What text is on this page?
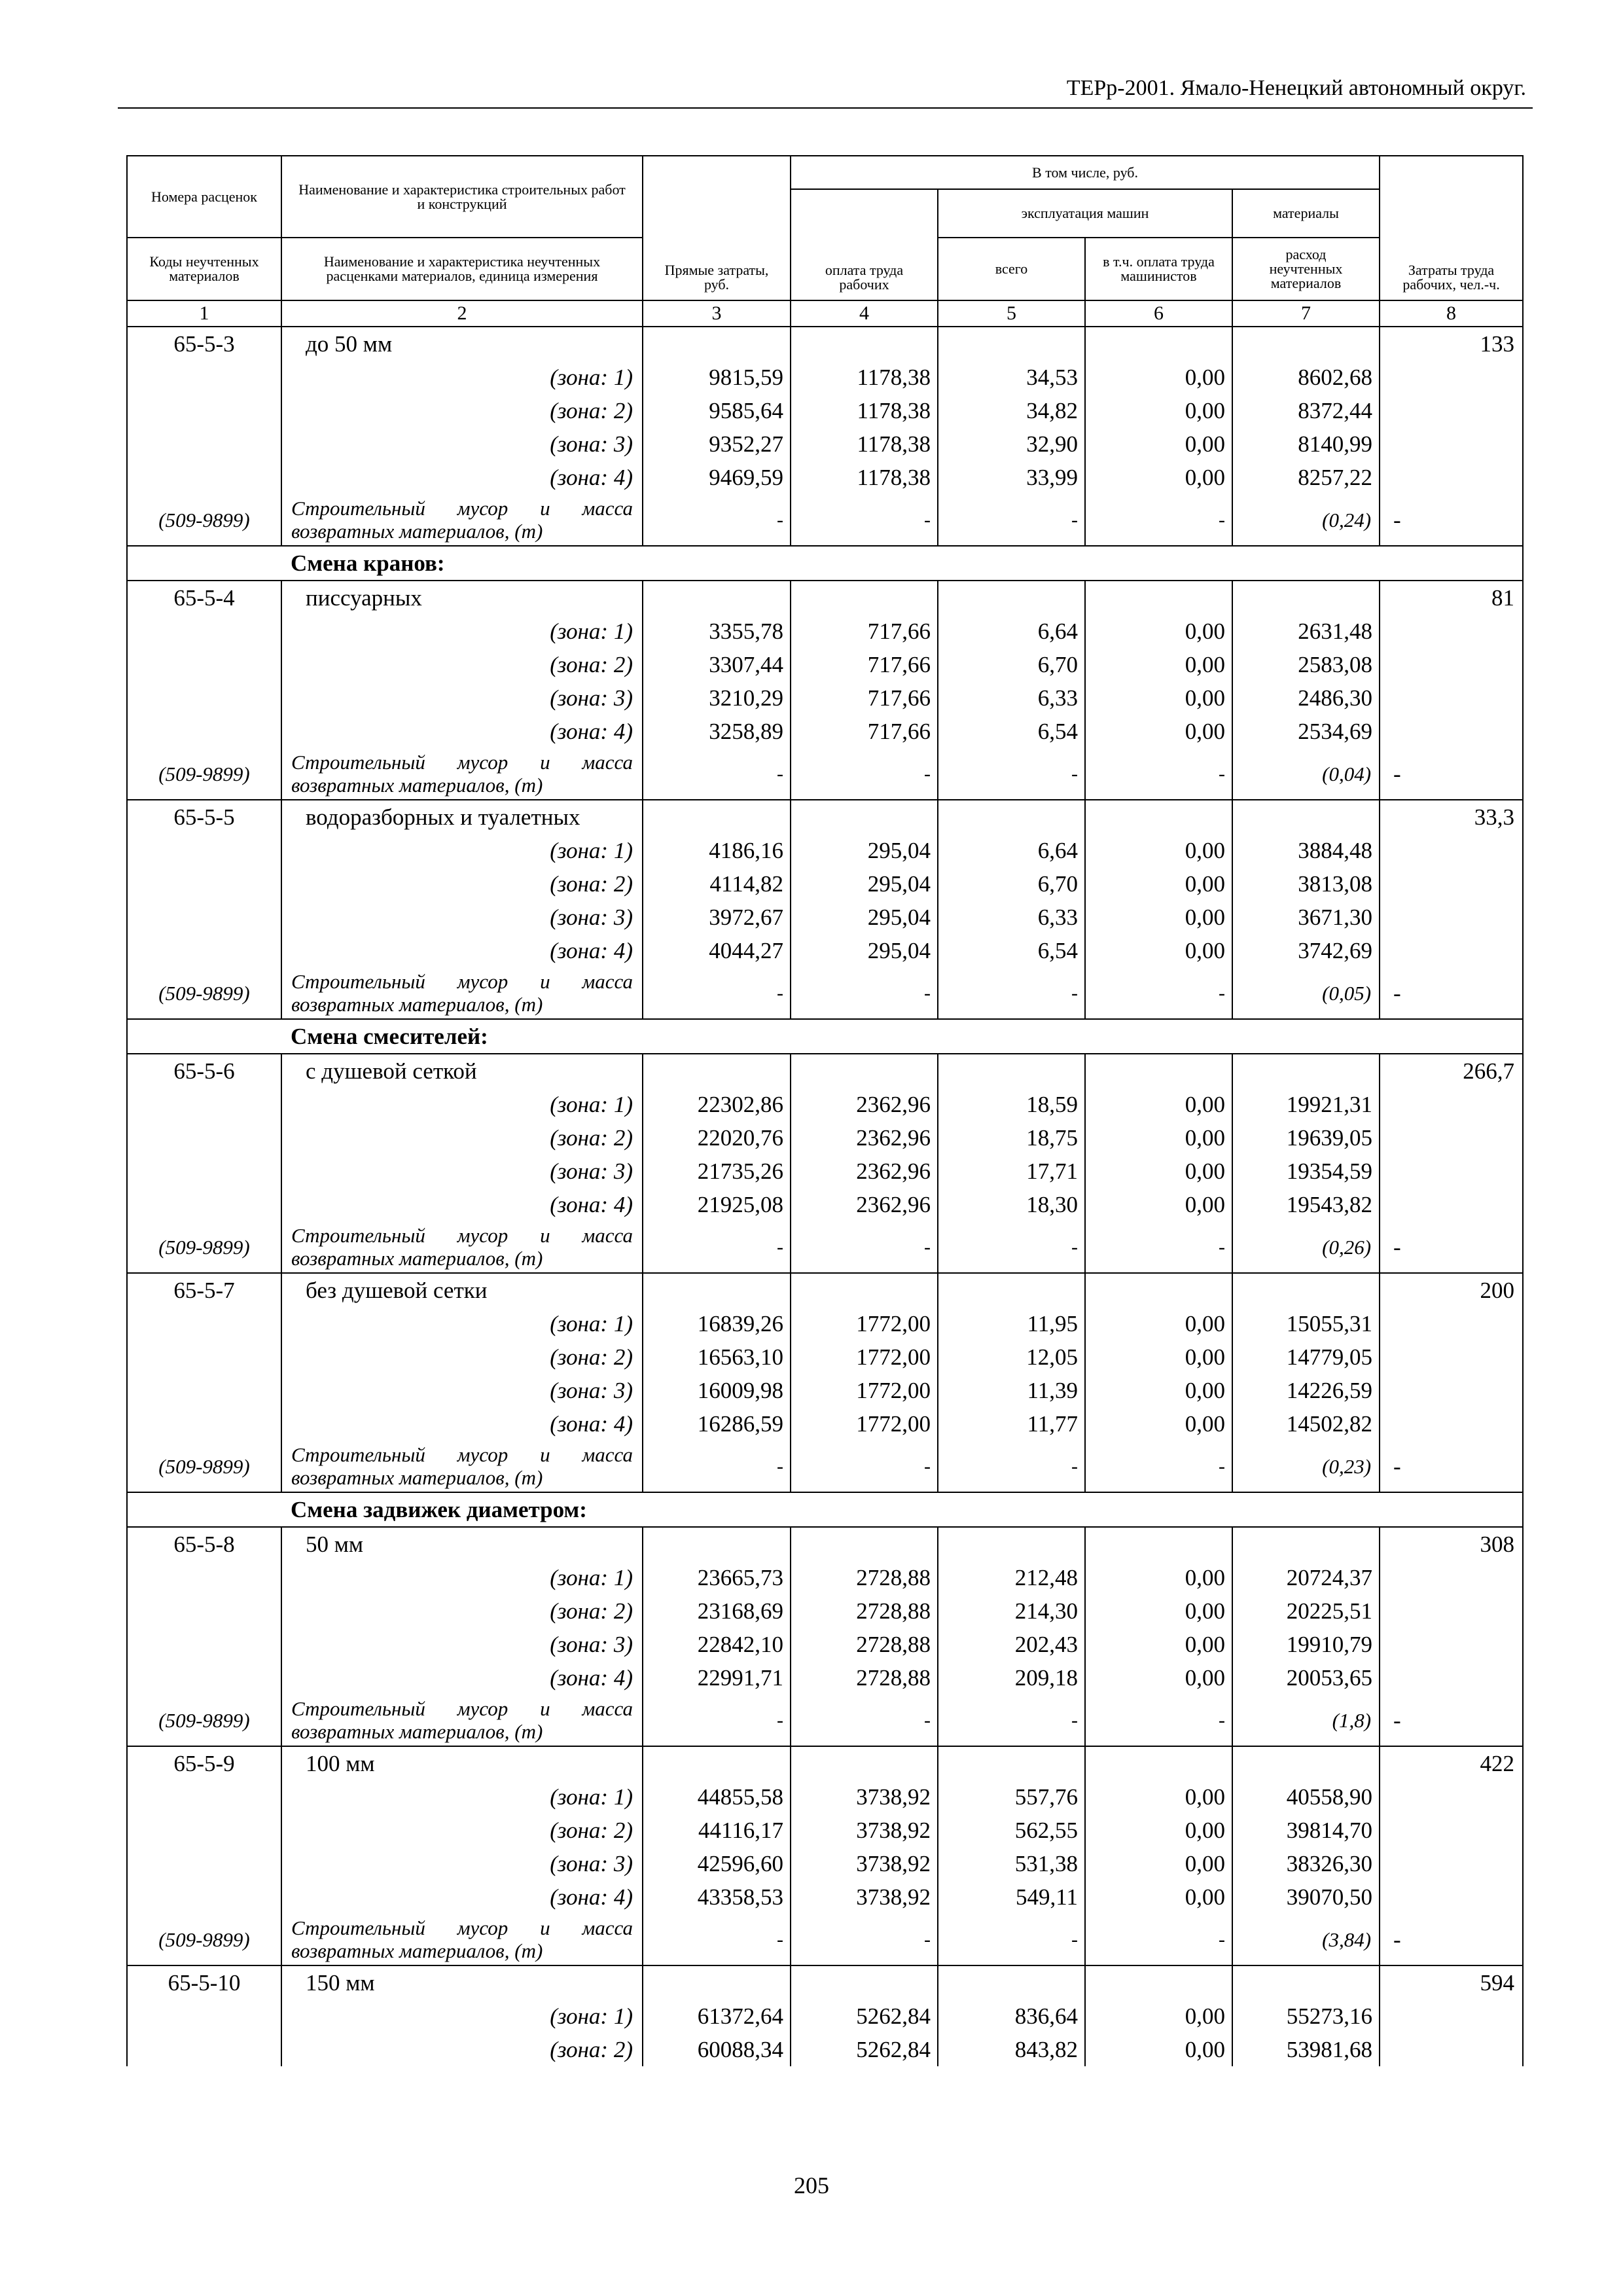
ТЕРр-2001. Ямало-Ненецкий автономный округ.
Номера расценок	Наименование и характеристика строительных работ и конструкций	Прямые затраты, руб.	В том числе, руб.				Затраты труда рабочих, чел.-ч.
			оплата труда рабочих	эксплуатация машин		материалы	
Коды неучтенных материалов	Наименование и характеристика неучтенных расценками материалов, единица измерения			всего	в т.ч. оплата труда машинистов	расход неучтенных материалов	
1	2	3	4	5	6	7	8
65-5-3	до 50 мм						133
	(зона: 1)	9815,59	1178,38	34,53	0,00	8602,68	
	(зона: 2)	9585,64	1178,38	34,82	0,00	8372,44	
	(зона: 3)	9352,27	1178,38	32,90	0,00	8140,99	
	(зона: 4)	9469,59	1178,38	33,99	0,00	8257,22	
(509-9899)	Строительный мусор и масса возвратных материалов, (т)	-	-	-	-	(0,24)	-
	Смена кранов:						
65-5-4	писсуарных						81
	(зона: 1)	3355,78	717,66	6,64	0,00	2631,48	
	(зона: 2)	3307,44	717,66	6,70	0,00	2583,08	
	(зона: 3)	3210,29	717,66	6,33	0,00	2486,30	
	(зона: 4)	3258,89	717,66	6,54	0,00	2534,69	
(509-9899)	Строительный мусор и масса возвратных материалов, (т)	-	-	-	-	(0,04)	-
65-5-5	водоразборных и туалетных						33,3
	(зона: 1)	4186,16	295,04	6,64	0,00	3884,48	
	(зона: 2)	4114,82	295,04	6,70	0,00	3813,08	
	(зона: 3)	3972,67	295,04	6,33	0,00	3671,30	
	(зона: 4)	4044,27	295,04	6,54	0,00	3742,69	
(509-9899)	Строительный мусор и масса возвратных материалов, (т)	-	-	-	-	(0,05)	-
	Смена смесителей:						
65-5-6	с душевой сеткой						266,7
	(зона: 1)	22302,86	2362,96	18,59	0,00	19921,31	
	(зона: 2)	22020,76	2362,96	18,75	0,00	19639,05	
	(зона: 3)	21735,26	2362,96	17,71	0,00	19354,59	
	(зона: 4)	21925,08	2362,96	18,30	0,00	19543,82	
(509-9899)	Строительный мусор и масса возвратных материалов, (т)	-	-	-	-	(0,26)	-
65-5-7	без душевой сетки						200
	(зона: 1)	16839,26	1772,00	11,95	0,00	15055,31	
	(зона: 2)	16563,10	1772,00	12,05	0,00	14779,05	
	(зона: 3)	16009,98	1772,00	11,39	0,00	14226,59	
	(зона: 4)	16286,59	1772,00	11,77	0,00	14502,82	
(509-9899)	Строительный мусор и масса возвратных материалов, (т)	-	-	-	-	(0,23)	-
	Смена задвижек диаметром:						
65-5-8	50 мм						308
	(зона: 1)	23665,73	2728,88	212,48	0,00	20724,37	
	(зона: 2)	23168,69	2728,88	214,30	0,00	20225,51	
	(зона: 3)	22842,10	2728,88	202,43	0,00	19910,79	
	(зона: 4)	22991,71	2728,88	209,18	0,00	20053,65	
(509-9899)	Строительный мусор и масса возвратных материалов, (т)	-	-	-	-	(1,8)	-
65-5-9	100 мм						422
	(зона: 1)	44855,58	3738,92	557,76	0,00	40558,90	
	(зона: 2)	44116,17	3738,92	562,55	0,00	39814,70	
	(зона: 3)	42596,60	3738,92	531,38	0,00	38326,30	
	(зона: 4)	43358,53	3738,92	549,11	0,00	39070,50	
(509-9899)	Строительный мусор и масса возвратных материалов, (т)	-	-	-	-	(3,84)	-
65-5-10	150 мм						594
	(зона: 1)	61372,64	5262,84	836,64	0,00	55273,16	
	(зона: 2)	60088,34	5262,84	843,82	0,00	53981,68	
205
